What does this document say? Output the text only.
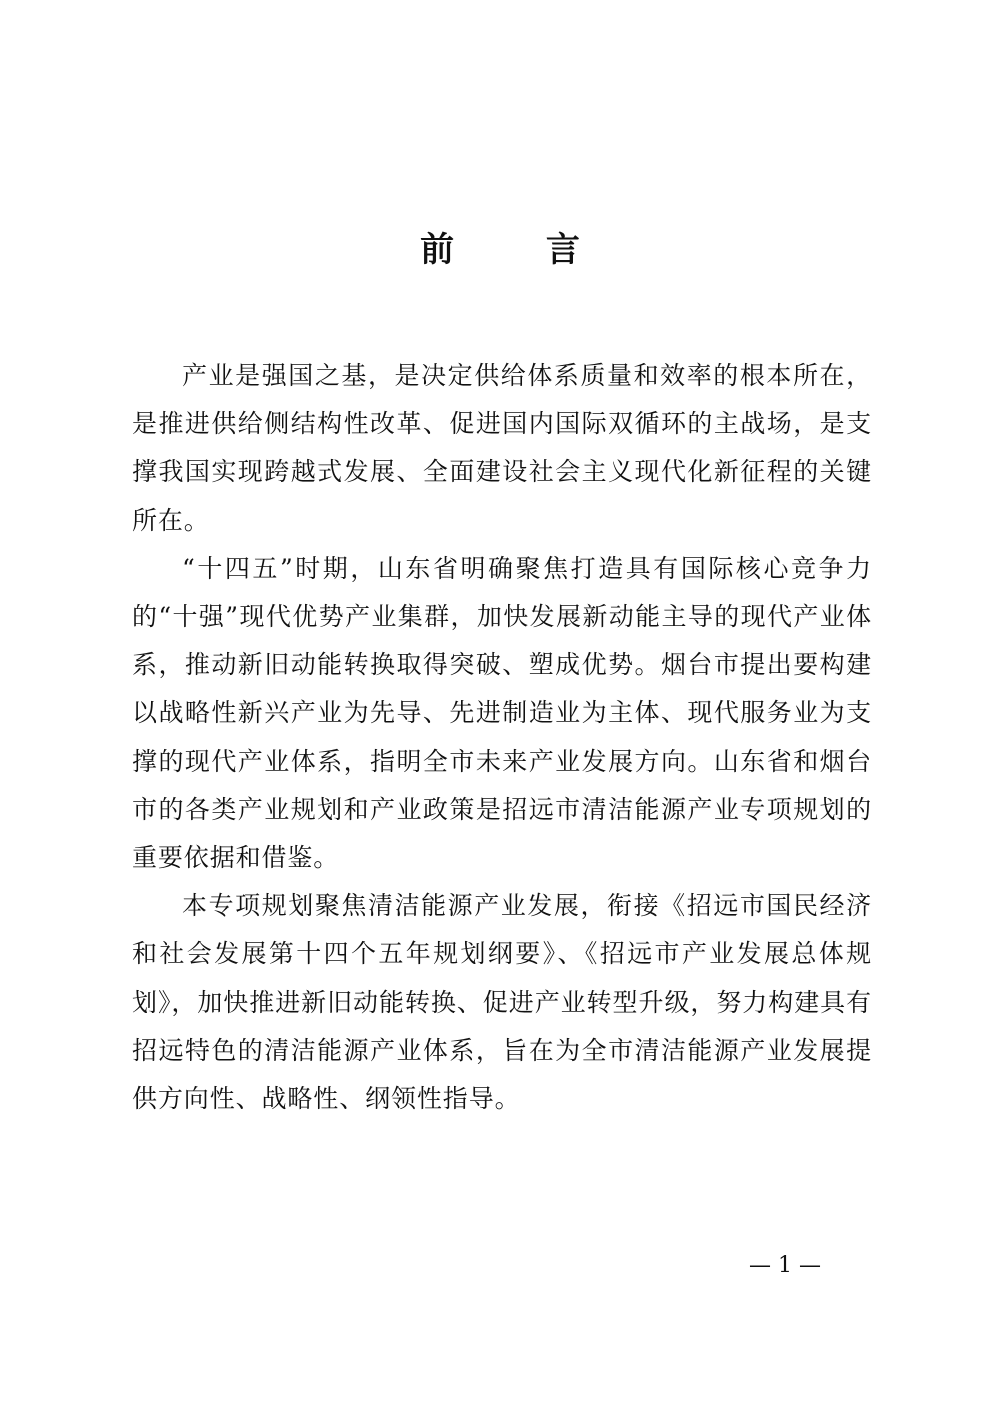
前 言

产业是强国之基，是决定供给体系质量和效率的根本所在，是推进供给侧结构性改革、促进国内国际双循环的主战场，是支撑我国实现跨越式发展、全面建设社会主义现代化新征程的关键所在。

“十四五”时期，山东省明确聚焦打造具有国际核心竞争力的“十强”现代优势产业集群，加快发展新动能主导的现代产业体系，推动新旧动能转换取得突破、塑成优势。烟台市提出要构建以战略性新兴产业为先导、先进制造业为主体、现代服务业为支撑的现代产业体系，指明全市未来产业发展方向。山东省和烟台市的各类产业规划和产业政策是招远市清洁能源产业专项规划的重要依据和借鉴。

本专项规划聚焦清洁能源产业发展，衔接《招远市国民经济和社会发展第十四个五年规划纲要》、《招远市产业发展总体规划》，加快推进新旧动能转换、促进产业转型升级，努力构建具有招远特色的清洁能源产业体系，旨在为全市清洁能源产业发展提供方向性、战略性、纲领性指导。

— 1 —
